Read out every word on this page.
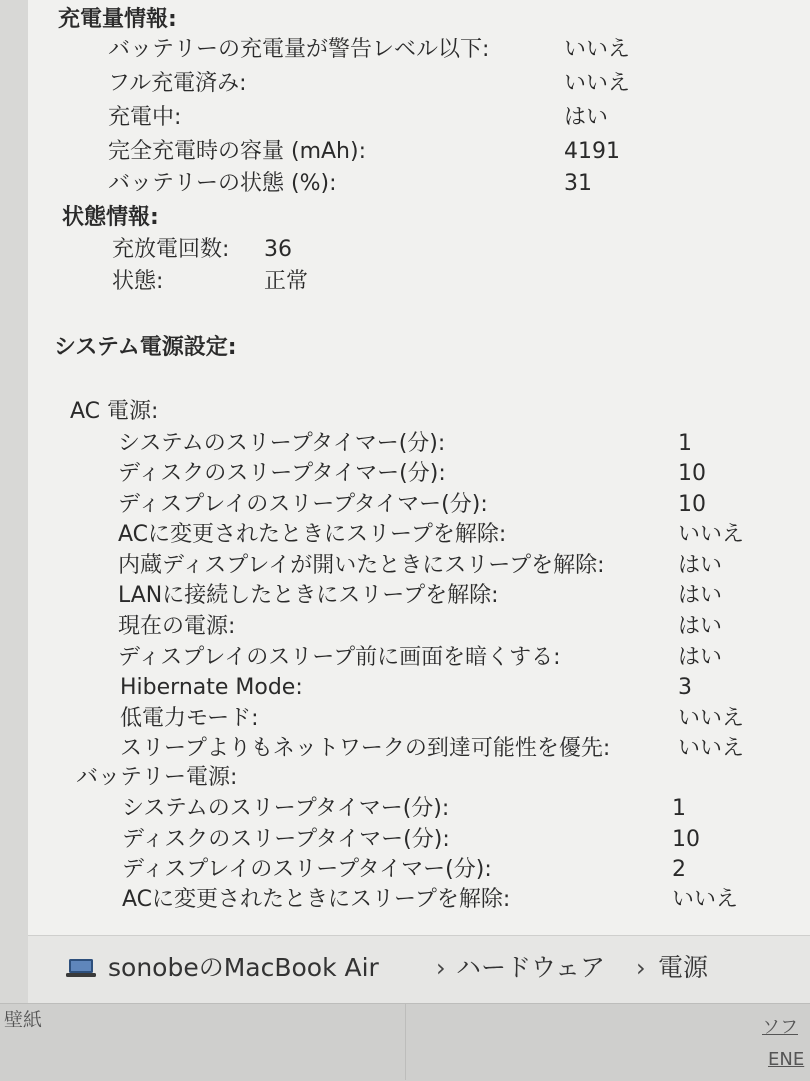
充電量情報:
バッテリーの充電量が警告レベル以下:	いいえ
フル充電済み:	いいえ
充電中:	はい
完全充電時の容量 (mAh):	4191
バッテリーの状態 (%):	31
状態情報:
充放電回数: 36
状態:	正常
システム電源設定:
AC 電源:
システムのスリープタイマー(分):	1
ディスクのスリープタイマー(分):	10
ディスプレイのスリープタイマー(分):	10
ACに変更されたときにスリープを解除:	いいえ
内蔵ディスプレイが開いたときにスリープを解除:	はい
LANに接続したときにスリープを解除:	はい
現在の電源:	はい
ディスプレイのスリープ前に画面を暗くする:	はい
Hibernate Mode:	3
低電力モード:	いいえ
スリープよりもネットワークの到達可能性を優先:	いいえ
バッテリー電源:
システムのスリープタイマー(分):	1
ディスクのスリープタイマー(分):	10
ディスプレイのスリープタイマー(分):	2
ACに変更されたときにスリープを解除:	いいえ
sonobeのMacBook Air › ハードウェア › 電源
壁紙	ソフ
ENE
